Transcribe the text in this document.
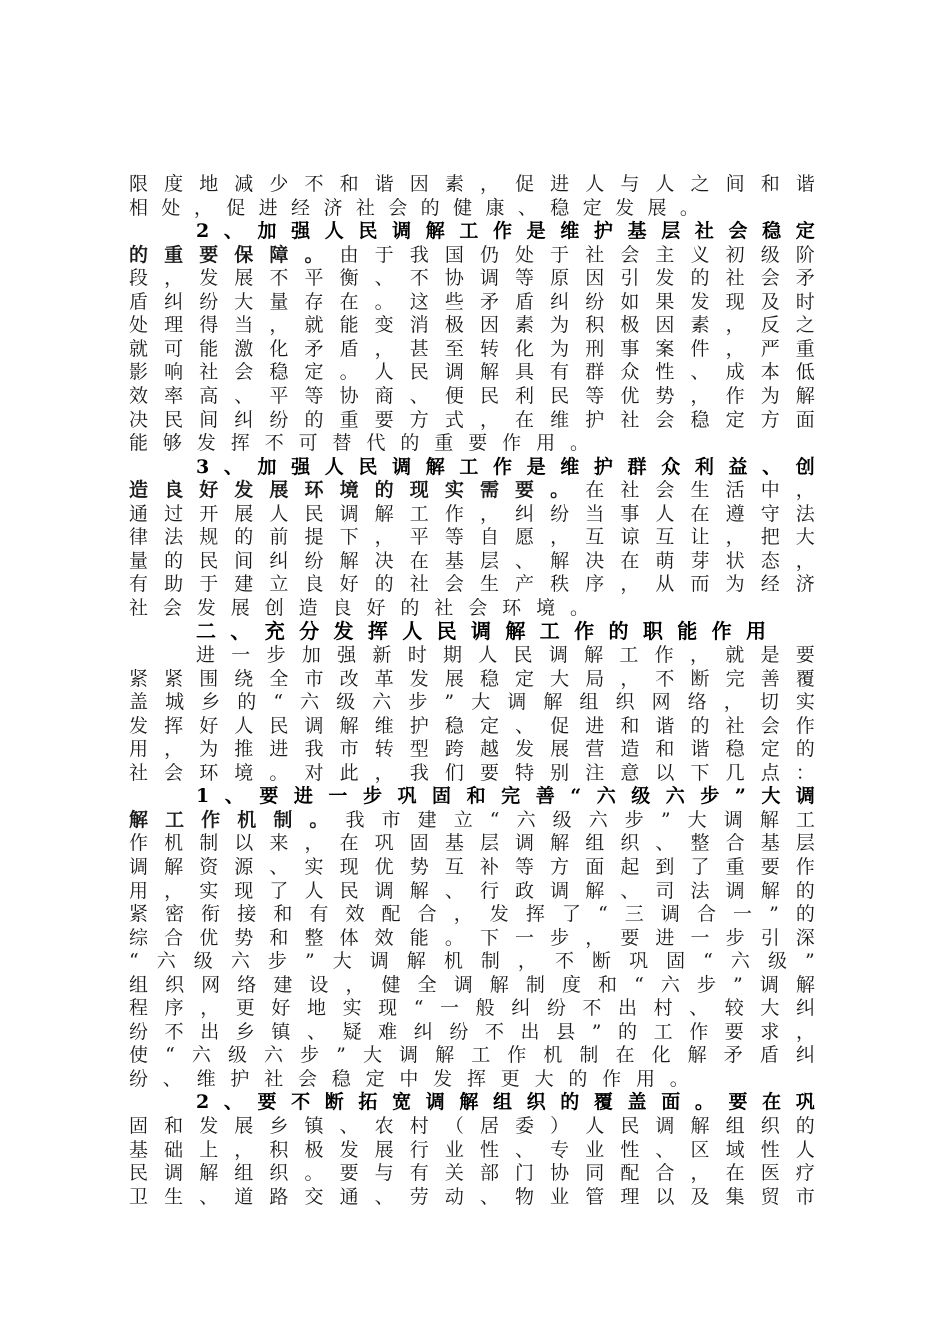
限 度 地 减 少 不 和 谐 因 素 ， 促 进 人 与 人 之 间 和 谐
相 处 ， 促 进 经 济 社 会 的 健 康 、 稳 定 发 展 。
2 、 加 强 人 民 调 解 工 作 是 维 护 基 层 社 会 稳 定
的 重 要 保 障 。 由 于 我 国 仍 处 于 社 会 主 义 初 级 阶
段 ， 发 展 不 平 衡 、 不 协 调 等 原 因 引 发 的 社 会 矛
盾 纠 纷 大 量 存 在 。 这 些 矛 盾 纠 纷 如 果 发 现 及 时
处 理 得 当 ， 就 能 变 消 极 因 素 为 积 极 因 素 ， 反 之
就 可 能 激 化 矛 盾 ， 甚 至 转 化 为 刑 事 案 件 ， 严 重
影 响 社 会 稳 定 。 人 民 调 解 具 有 群 众 性 、 成 本 低
效 率 高 、 平 等 协 商 、 便 民 利 民 等 优 势 ， 作 为 解
决 民 间 纠 纷 的 重 要 方 式 ， 在 维 护 社 会 稳 定 方 面
能 够 发 挥 不 可 替 代 的 重 要 作 用 。
3 、 加 强 人 民 调 解 工 作 是 维 护 群 众 利 益 、 创
造 良 好 发 展 环 境 的 现 实 需 要 。 在 社 会 生 活 中 ，
通 过 开 展 人 民 调 解 工 作 ， 纠 纷 当 事 人 在 遵 守 法
律 法 规 的 前 提 下 ， 平 等 自 愿 ， 互 谅 互 让 ， 把 大
量 的 民 间 纠 纷 解 决 在 基 层 、 解 决 在 萌 芽 状 态 ，
有 助 于 建 立 良 好 的 社 会 生 产 秩 序 ， 从 而 为 经 济
社 会 发 展 创 造 良 好 的 社 会 环 境 。
二 、 充 分 发 挥 人 民 调 解 工 作 的 职 能 作 用
进 一 步 加 强 新 时 期 人 民 调 解 工 作 ， 就 是 要
紧 紧 围 绕 全 市 改 革 发 展 稳 定 大 局 ， 不 断 完 善 覆
盖 城 乡 的 “ 六 级 六 步 ” 大 调 解 组 织 网 络 ， 切 实
发 挥 好 人 民 调 解 维 护 稳 定 、 促 进 和 谐 的 社 会 作
用 ， 为 推 进 我 市 转 型 跨 越 发 展 营 造 和 谐 稳 定 的
社 会 环 境 。 对 此 ， 我 们 要 特 别 注 意 以 下 几 点 ：
1 、 要 进 一 步 巩 固 和 完 善 “ 六 级 六 步 ” 大 调
解 工 作 机 制 。 我 市 建 立 “ 六 级 六 步 ” 大 调 解 工
作 机 制 以 来 ， 在 巩 固 基 层 调 解 组 织 、 整 合 基 层
调 解 资 源 、 实 现 优 势 互 补 等 方 面 起 到 了 重 要 作
用 ， 实 现 了 人 民 调 解 、 行 政 调 解 、 司 法 调 解 的
紧 密 衔 接 和 有 效 配 合 ， 发 挥 了 “ 三 调 合 一 ” 的
综 合 优 势 和 整 体 效 能 。 下 一 步 ， 要 进 一 步 引 深
“ 六 级 六 步 ” 大 调 解 机 制 ， 不 断 巩 固 “ 六 级 ”
组 织 网 络 建 设 ， 健 全 调 解 制 度 和 “ 六 步 ” 调 解
程 序 ， 更 好 地 实 现 “ 一 般 纠 纷 不 出 村 、 较 大 纠
纷 不 出 乡 镇 、 疑 难 纠 纷 不 出 县 ” 的 工 作 要 求 ，
使 “ 六 级 六 步 ” 大 调 解 工 作 机 制 在 化 解 矛 盾 纠
纷 、 维 护 社 会 稳 定 中 发 挥 更 大 的 作 用 。
2 、 要 不 断 拓 宽 调 解 组 织 的 覆 盖 面 。 要 在 巩
固 和 发 展 乡 镇 、 农 村 （ 居 委 ） 人 民 调 解 组 织 的
基 础 上 ， 积 极 发 展 行 业 性 、 专 业 性 、 区 域 性 人
民 调 解 组 织 。 要 与 有 关 部 门 协 同 配 合 ， 在 医 疗
卫 生 、 道 路 交 通 、 劳 动 、 物 业 管 理 以 及 集 贸 市
